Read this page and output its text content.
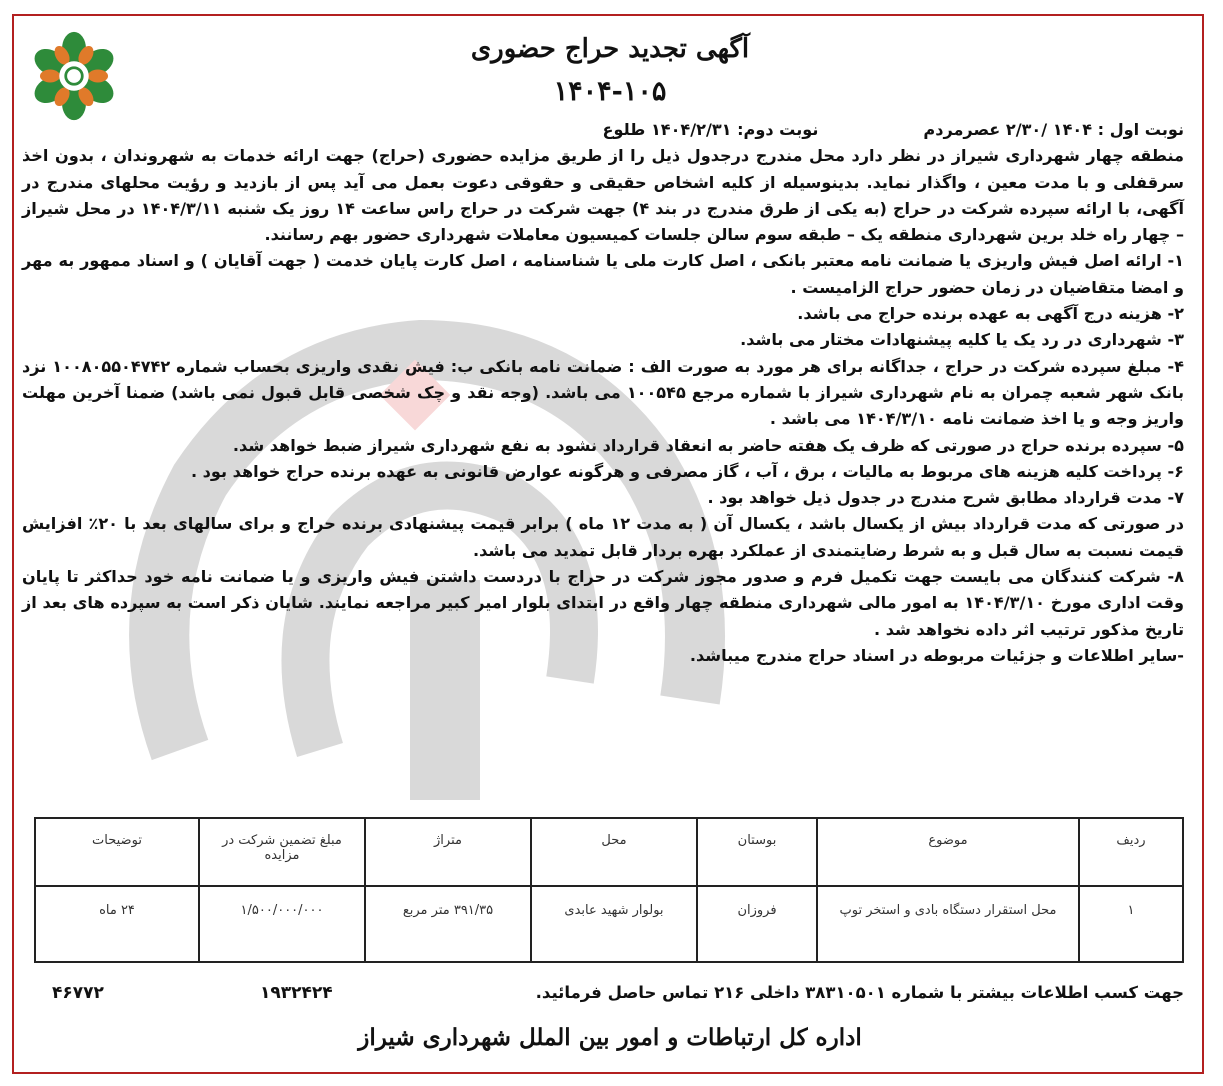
آگهی تجدید حراج حضوری
۱۴۰۴-۱۰۵
نوبت اول : ۱۴۰۴ /۲/۳۰ عصرمردم
نوبت دوم: ۱۴۰۴/۲/۳۱ طلوع

منطقه چهار شهرداری شیراز در نظر دارد محل مندرج درجدول ذیل را از طریق مزایده حضوری (حراج) جهت ارائه خدمات به شهروندان ، بدون اخذ سرقفلی و با مدت معین ، واگذار نماید. بدینوسیله از کلیه اشخاص حقیقی و حقوقی دعوت بعمل می آید پس از بازدید و رؤیت محلهای مندرج در آگهی، با ارائه سپرده شرکت در حراج (به یکی از طرق مندرج در بند ۴) جهت شرکت در حراج راس ساعت ۱۴ روز یک شنبه ۱۴۰۴/۳/۱۱ در محل شیراز – چهار راه خلد برین شهرداری منطقه یک – طبقه سوم سالن جلسات کمیسیون معاملات شهرداری حضور بهم رسانند.

۱- ارائه اصل فیش واریزی یا ضمانت نامه معتبر بانکی ، اصل کارت ملی یا شناسنامه ، اصل کارت پایان خدمت ( جهت آقایان ) و اسناد ممهور به مهر و امضا متقاضیان در زمان حضور حراج الزامیست .

۲- هزینه درج آگهی به عهده برنده حراج می باشد.

۳- شهرداری در رد یک یا کلیه پیشنهادات مختار می باشد.

۴- مبلغ سپرده شرکت در حراج ، جداگانه برای هر مورد به صورت الف : ضمانت نامه بانکی ب: فیش نقدی واریزی بحساب شماره ۱۰۰۸۰۵۵۰۴۷۴۲ نزد بانک شهر شعبه چمران به نام شهرداری شیراز با شماره مرجع ۱۰۰۵۴۵ می باشد. (وجه نقد و چک شخصی قابل قبول نمی باشد) ضمنا آخرین مهلت واریز وجه و یا اخذ ضمانت نامه ۱۴۰۴/۳/۱۰ می باشد .

۵- سپرده برنده حراج در صورتی که ظرف یک هفته حاضر به انعقاد قرارداد نشود به نفع شهرداری شیراز ضبط خواهد شد.

۶- پرداخت کلیه هزینه های مربوط به مالیات ، برق ، آب ، گاز مصرفی و هرگونه عوارض قانونی به عهده برنده حراج خواهد بود .

۷- مدت قرارداد مطابق شرح مندرج در جدول ذیل خواهد بود .

در صورتی که مدت قرارداد بیش از یکسال باشد ، یکسال آن ( به مدت ۱۲ ماه ) برابر قیمت پیشنهادی برنده حراج و برای سالهای بعد با ۲۰٪ افزایش قیمت نسبت به سال قبل و به شرط رضایتمندی از عملکرد بهره بردار قابل تمدید می باشد.

۸- شرکت کنندگان می بایست جهت تکمیل فرم و صدور مجوز شرکت در حراج با دردست داشتن فیش واریزی و یا ضمانت نامه خود حداکثر تا پایان وقت اداری مورخ ۱۴۰۴/۳/۱۰ به امور مالی شهرداری منطقه چهار واقع در ابتدای بلوار امیر کبیر مراجعه نمایند. شایان ذکر است به سپرده های بعد از تاریخ مذکور ترتیب اثر داده نخواهد شد .

-سایر اطلاعات و جزئیات مربوطه در اسناد حراج مندرج میباشد.

ردیف	موضوع	بوستان	محل	متراژ	مبلغ تضمین شرکت در مزایده	توضیحات
۱	محل استقرار دستگاه بادی و استخر توپ	فروزان	بولوار شهید عابدی	۳۹۱/۳۵ متر مربع	۱/۵۰۰/۰۰۰/۰۰۰	۲۴ ماه
جهت کسب اطلاعات بیشتر با شماره ۳۸۳۱۰۵۰۱ داخلی ۲۱۶ تماس حاصل فرمائید.
۱۹۳۲۴۲۴
۴۶۷۷۲
اداره کل ارتباطات و امور بین الملل شهرداری شیراز
